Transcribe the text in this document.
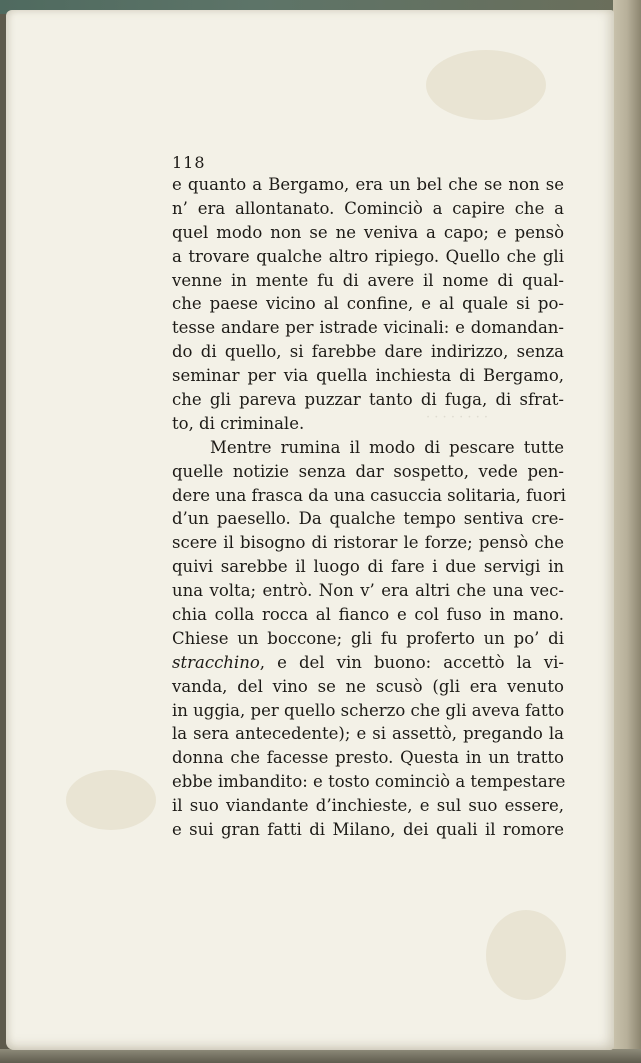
· · · · · · · ·
118
e quanto a Bergamo, era un bel che se non se
n’ era allontanato. Cominciò a capire che a
quel modo non se ne veniva a capo; e pensò
a trovare qualche altro ripiego. Quello che gli
venne in mente fu di avere il nome di qual-
che paese vicino al confine, e al quale si po-
tesse andare per istrade vicinali: e domandan-
do di quello, si farebbe dare indirizzo, senza
seminar per via quella inchiesta di Bergamo,
che gli pareva puzzar tanto di fuga, di sfrat-
to, di criminale.
Mentre rumina il modo di pescare tutte
quelle notizie senza dar sospetto, vede pen-
dere una frasca da una casuccia solitaria, fuori
d’un paesello. Da qualche tempo sentiva cre-
scere il bisogno di ristorar le forze; pensò che
quivi sarebbe il luogo di fare i due servigi in
una volta; entrò. Non v’ era altri che una vec-
chia colla rocca al fianco e col fuso in mano.
Chiese un boccone; gli fu proferto un po’ di
stracchino, e del vin buono: accettò la vi-
vanda, del vino se ne scusò (gli era venuto
in uggia, per quello scherzo che gli aveva fatto
la sera antecedente); e si assettò, pregando la
donna che facesse presto. Questa in un tratto
ebbe imbandito: e tosto cominciò a tempestare
il suo viandante d’inchieste, e sul suo essere,
e sui gran fatti di Milano, dei quali il romore
